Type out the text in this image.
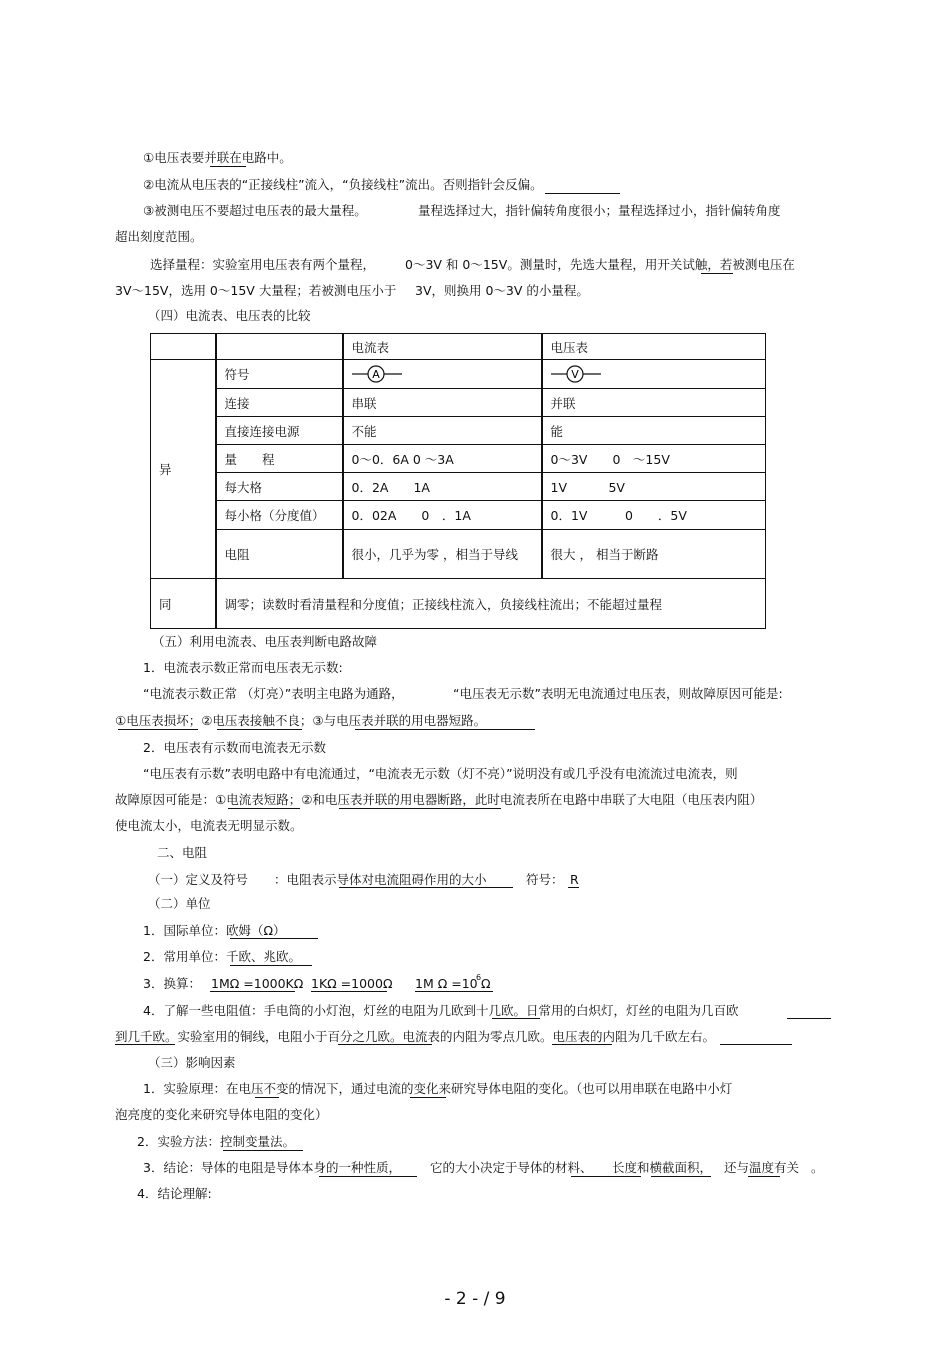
①电压表要并联在电路中。
②电流从电压表的“正接线柱”流入，“负接线柱”流出。否则指针会反偏。
③被测电压不要超过电压表的最大量程。	量程选择过大，指针偏转角度很小；量程选择过小，指针偏转角度
超出刻度范围。
选择量程：实验室用电压表有两个量程， 0～3V 和 0～15V。测量时，先选大量程，用开关试触，若被测电压在
3V～15V，选用 0～15V 大量程；若被测电压小于 3V，则换用 0～3V 的小量程。
（四）电流表、电压表的比较
		电流表	电压表
异	符号	A	V

	连接	串联	并联
	直接连接电源	不能	能
	量　　程	0～0．6A 0 ～3A	0～3V　　0　～15V
	每大格	0．2A　　1A	1V　　　 5V
	每小格（分度值）	0．02A　　0　．1A	0．1V　　　0　　．5V
	电阻	很小，几乎为零 ，相当于导线	很大 ， 相当于断路
同	调零；读数时看清量程和分度值；正接线柱流入，负接线柱流出；不能超过量程		
（五）利用电流表、电压表判断电路故障
1．电流表示数正常而电压表无示数:
“电流表示数正常 （灯亮）”表明主电路为通路，	“电压表无示数”表明无电流通过电压表，则故障原因可能是:
①电压表损坏；②电压表接触不良；③与电压表并联的用电器短路。
2．电压表有示数而电流表无示数
“电压表有示数”表明电路中有电流通过，“电流表无示数（灯不亮）”说明没有或几乎没有电流流过电流表，则
故障原因可能是：①电流表短路；②和电压表并联的用电器断路，此时电流表所在电路中串联了大电阻（电压表内阻）
使电流太小，电流表无明显示数。
二、电阻
（一）定义及符号 ：电阻表示导体对电流阻碍作用的大小	符号： R
（二）单位
1．国际单位：欧姆（Ω）
2．常用单位：千欧、兆欧。
3．换算： 1MΩ =1000KΩ 1KΩ =1000Ω 1M Ω =10
6 Ω
4．了解一些电阻值：手电筒的小灯泡，灯丝的电阻为几欧到十几欧。日常用的白炽灯，灯丝的电阻为几百欧
到几千欧。实验室用的铜线，电阻小于百分之几欧。电流表的内阻为零点几欧。电压表的内阻为几千欧左右。
（三）影响因素
1．实验原理：在电压不变的情况下，通过电流的变化来研究导体电阻的变化。（也可以用串联在电路中小灯
泡亮度的变化来研究导体电阻的变化）
2．实验方法：控制变量法。
3．结论：导体的电阻是导体本身的一种性质， 它的大小决定于导体的材料、 长度和横截面积， 还与温度有关 。
4．结论理解:
- 2 - / 9
